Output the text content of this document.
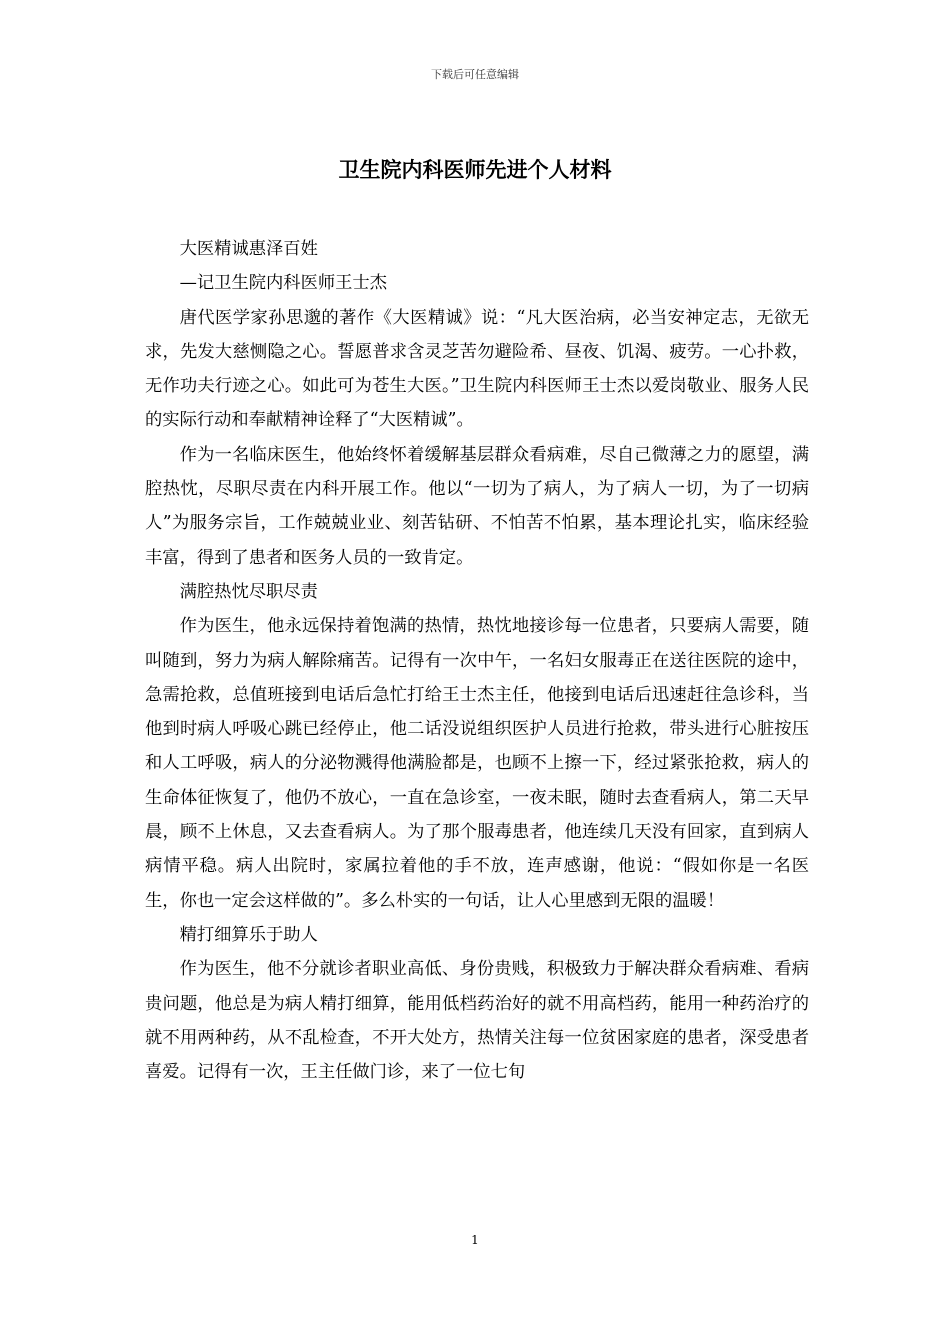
下载后可任意编辑
卫生院内科医师先进个人材料

大医精诚惠泽百姓

—记卫生院内科医师王士杰

唐代医学家孙思邈的著作《大医精诚》说：“凡大医治病，必当安神定志，无欲无求，先发大慈恻隐之心。誓愿普求含灵芝苦勿避险希、昼夜、饥渴、疲劳。一心扑救，无作功夫行迹之心。如此可为苍生大医。”卫生院内科医师王士杰以爱岗敬业、服务人民的实际行动和奉献精神诠释了“大医精诚”。

作为一名临床医生，他始终怀着缓解基层群众看病难，尽自己微薄之力的愿望，满腔热忱，尽职尽责在内科开展工作。他以“一切为了病人，为了病人一切，为了一切病人”为服务宗旨，工作兢兢业业、刻苦钻研、不怕苦不怕累，基本理论扎实，临床经验丰富，得到了患者和医务人员的一致肯定。

满腔热忱尽职尽责

作为医生，他永远保持着饱满的热情，热忱地接诊每一位患者，只要病人需要，随叫随到，努力为病人解除痛苦。记得有一次中午，一名妇女服毒正在送往医院的途中，急需抢救，总值班接到电话后急忙打给王士杰主任，他接到电话后迅速赶往急诊科，当他到时病人呼吸心跳已经停止，他二话没说组织医护人员进行抢救，带头进行心脏按压和人工呼吸，病人的分泌物溅得他满脸都是，也顾不上擦一下，经过紧张抢救，病人的生命体征恢复了，他仍不放心，一直在急诊室，一夜未眠，随时去查看病人，第二天早晨，顾不上休息，又去查看病人。为了那个服毒患者，他连续几天没有回家，直到病人病情平稳。病人出院时，家属拉着他的手不放，连声感谢，他说：“假如你是一名医生，你也一定会这样做的”。多么朴实的一句话，让人心里感到无限的温暖！

精打细算乐于助人

作为医生，他不分就诊者职业高低、身份贵贱，积极致力于解决群众看病难、看病贵问题，他总是为病人精打细算，能用低档药治好的就不用高档药，能用一种药治疗的就不用两种药，从不乱检查，不开大处方，热情关注每一位贫困家庭的患者，深受患者喜爱。记得有一次，王主任做门诊，来了一位七旬

1
